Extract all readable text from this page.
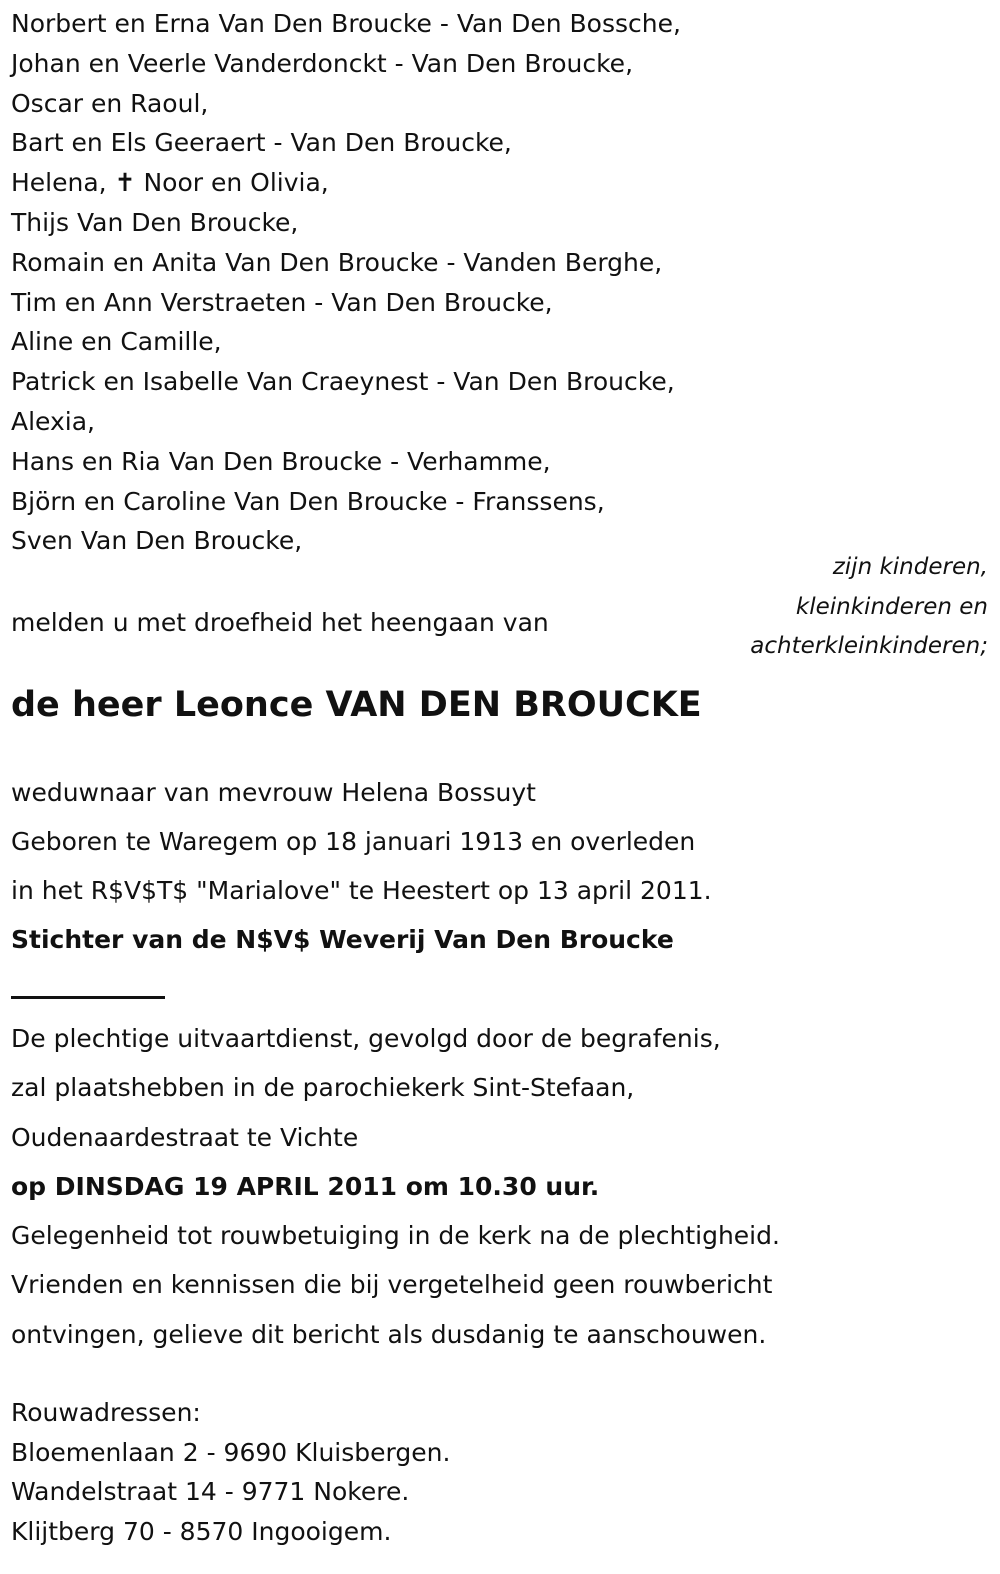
Norbert en Erna Van Den Broucke - Van Den Bossche,
Johan en Veerle Vanderdonckt - Van Den Broucke,
Oscar en Raoul,
Bart en Els Geeraert - Van Den Broucke,
Helena, ✝ Noor en Olivia,
Thijs Van Den Broucke,
Romain en Anita Van Den Broucke - Vanden Berghe,
Tim en Ann Verstraeten - Van Den Broucke,
Aline en Camille,
Patrick en Isabelle Van Craeynest - Van Den Broucke,
Alexia,
Hans en Ria Van Den Broucke - Verhamme,
Björn en Caroline Van Den Broucke - Franssens,
Sven Van Den Broucke,
zijn kinderen,
kleinkinderen en
achterkleinkinderen;
melden u met droefheid het heengaan van
de heer Leonce VAN DEN BROUCKE
weduwnaar van mevrouw Helena Bossuyt
Geboren te Waregem op 18 januari 1913 en overleden
in het R$V$T$ "Marialove" te Heestert op 13 april 2011.
Stichter van de N$V$ Weverij Van Den Broucke
De plechtige uitvaartdienst, gevolgd door de begrafenis,
zal plaatshebben in de parochiekerk Sint-Stefaan,
Oudenaardestraat te Vichte
op DINSDAG 19 APRIL 2011 om 10.30 uur.
Gelegenheid tot rouwbetuiging in de kerk na de plechtigheid.
Vrienden en kennissen die bij vergetelheid geen rouwbericht
ontvingen, gelieve dit bericht als dusdanig te aanschouwen.
Rouwadressen:
Bloemenlaan 2 - 9690 Kluisbergen.
Wandelstraat 14 - 9771 Nokere.
Klijtberg 70 - 8570 Ingooigem.
